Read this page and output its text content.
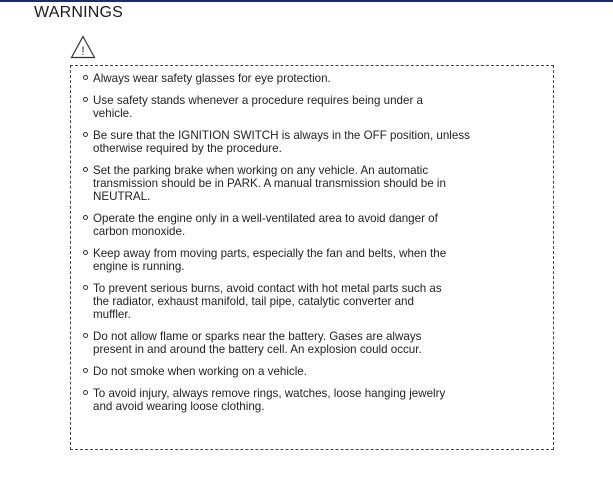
WARNINGS
!
Always wear safety glasses for eye protection.
Use safety stands whenever a procedure requires being under a
vehicle.
Be sure that the IGNITION SWITCH is always in the OFF position, unless
otherwise required by the procedure.
Set the parking brake when working on any vehicle. An automatic
transmission should be in PARK. A manual transmission should be in
NEUTRAL.
Operate the engine only in a well-ventilated area to avoid danger of
carbon monoxide.
Keep away from moving parts, especially the fan and belts, when the
engine is running.
To prevent serious burns, avoid contact with hot metal parts such as
the radiator, exhaust manifold, tail pipe, catalytic converter and
muffler.
Do not allow flame or sparks near the battery. Gases are always
present in and around the battery cell. An explosion could occur.
Do not smoke when working on a vehicle.
To avoid injury, always remove rings, watches, loose hanging jewelry
and avoid wearing loose clothing.
